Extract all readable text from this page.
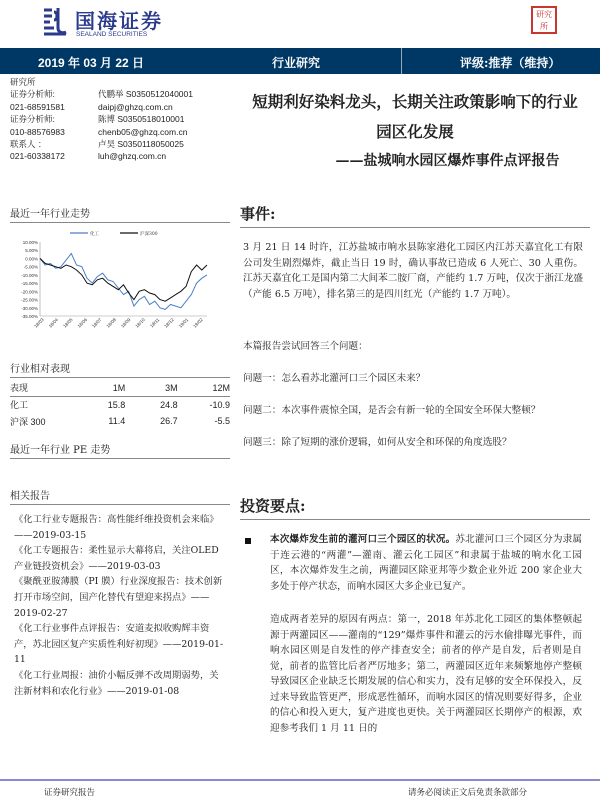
国海证券
SEALAND SECURITIES
研究所
2019 年 03 月 22 日	行业研究	评级:推荐（维持）
研究所
证券分析师:	代鹏举 S0350512040001
021-68591581	daipj@ghzq.com.cn
证券分析师:	陈博 S0350518010001
010-88576983	chenb05@ghzq.com.cn
联系人 ：	卢昊 S0350118050025
021-60338172	luh@ghzq.com.cn
最近一年行业走势
10.00%
5.00%
0.00%
-5.00%
-10.00%
-15.00%
-20.00%
-25.00%
-30.00%
-35.00%
18/03 18/04 18/05 18/06 18/07 18/08 18/09 18/10 18/11 18/12 19/01 19/02
化工	沪深300
行业相对表现
表现	1M	3M	12M
化工	15.8	24.8	-10.9
沪深 300	11.4	26.7	-5.5
最近一年行业 PE 走势
相关报告
《化工行业专题报告：高性能纤维投资机会来临》——2019-03-15
《化工专题报告：柔性显示大幕将启，关注OLED 产业链投资机会》——2019-03-03
《聚酰亚胺薄膜（PI 膜）行业深度报告：技术创新打开市场空间，国产化替代有望迎来拐点》——2019-02-27
《化工行业事件点评报告：安道麦拟收购辉丰资产，苏北园区复产实质性利好初现》——2019-01-11
《化工行业周报：油价小幅反弹不改周期弱势，关注新材料和农化行业》——2019-01-08
短期利好染料龙头，长期关注政策影响下的行业
园区化发展
——盐城响水园区爆炸事件点评报告
事件:
3 月 21 日 14 时许，江苏盐城市响水县陈家港化工园区内江苏天嘉宜化工有限公司发生剧烈爆炸，截止当日 19 时，确认事故已造成 6 人死亡、30 人重伤。江苏天嘉宜化工是国内第二大间苯二胺厂商，产能约 1.7 万吨，仅次于浙江龙盛（产能 6.5 万吨），排名第三的是四川红光（产能约 1.7 万吨）。
本篇报告尝试回答三个问题：
问题一：怎么看苏北灌河口三个园区未来？
问题二：本次事件震惊全国，是否会有新一轮的全国安全环保大整顿？
问题三：除了短期的涨价逻辑，如何从安全和环保的角度选股？
投资要点:
本次爆炸发生前的灌河口三个园区的状况。苏北灌河口三个园区分为隶属于连云港的“两灌”—灌南、灌云化工园区”和隶属于盐城的响水化工园区，本次爆炸发生之前，两灌园区除亚邦等少数企业外近 200 家企业大多处于停产状态，而响水园区大多企业已复产。
造成两者差异的原因有两点：第一，2018 年苏北化工园区的集体整顿起源于两灌园区——灌南的“129”爆炸事件和灌云的污水偷排曝光事件，而响水园区则是自发性的停产排查安全；前者的停产是自发，后者则是自觉，前者的监管比后者严厉地多；第二，两灌园区近年来频繁地停产整顿导致园区企业缺乏长期发展的信心和实力，没有足够的安全环保投入，反过来导致监管更严，形成恶性循环，而响水园区的情况则要好得多，企业的信心和投入更大，复产进度也更快。关于两灌园区长期停产的根源，欢迎参考我们 1 月 11 日的
证券研究报告	请务必阅读正文后免责条款部分
